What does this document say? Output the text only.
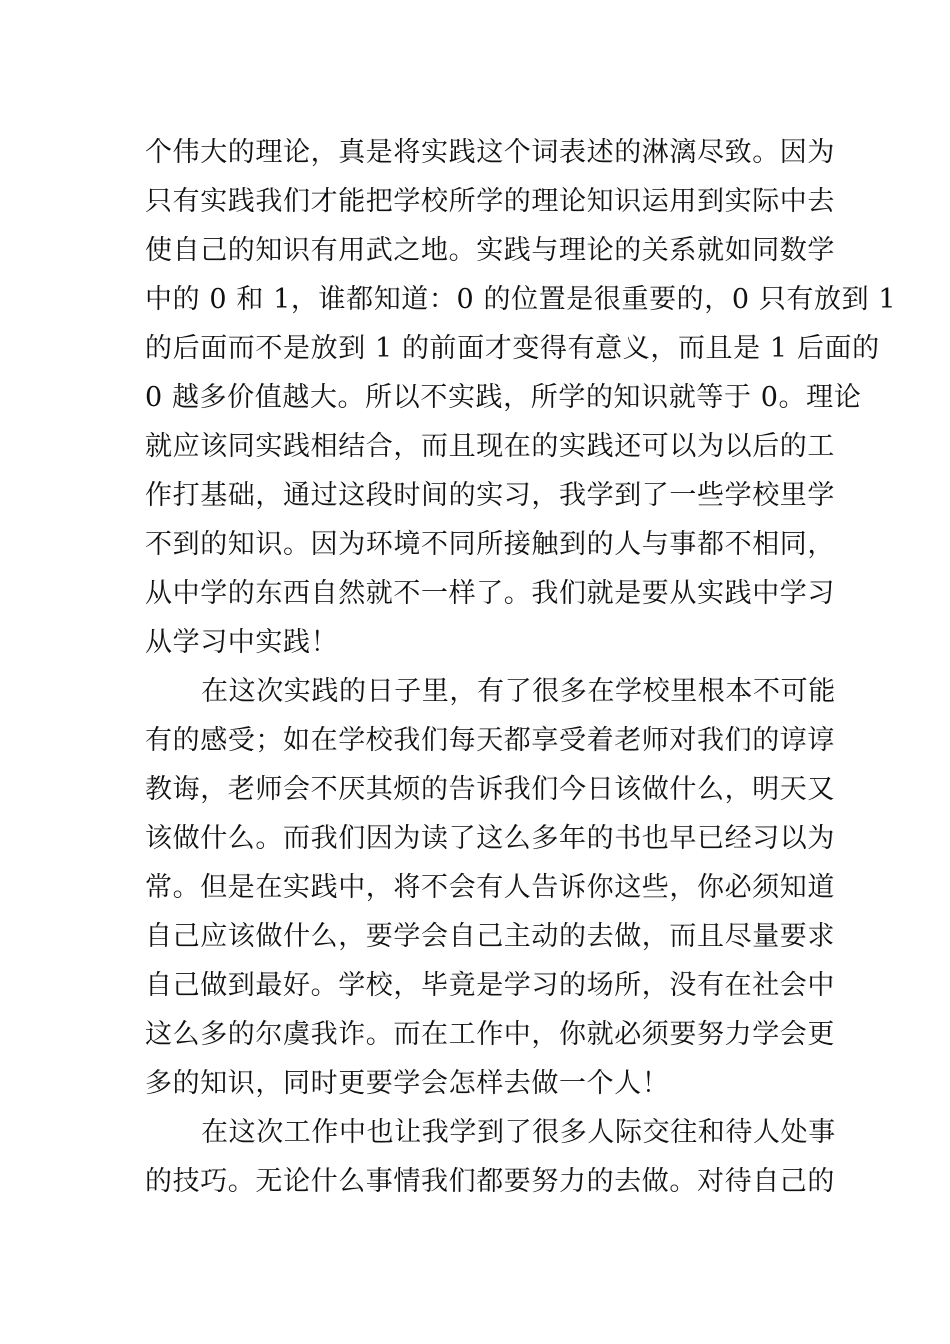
个伟大的理论，真是将实践这个词表述的淋漓尽致。因为
只有实践我们才能把学校所学的理论知识运用到实际中去
使自己的知识有用武之地。实践与理论的关系就如同数学
中的 0 和 1，谁都知道：0 的位置是很重要的，0 只有放到 1
的后面而不是放到 1 的前面才变得有意义，而且是 1 后面的
0 越多价值越大。所以不实践，所学的知识就等于 0。理论
就应该同实践相结合，而且现在的实践还可以为以后的工
作打基础，通过这段时间的实习，我学到了一些学校里学
不到的知识。因为环境不同所接触到的人与事都不相同，
从中学的东西自然就不一样了。我们就是要从实践中学习
从学习中实践！
在这次实践的日子里，有了很多在学校里根本不可能
有的感受；如在学校我们每天都享受着老师对我们的谆谆
教诲，老师会不厌其烦的告诉我们今日该做什么，明天又
该做什么。而我们因为读了这么多年的书也早已经习以为
常。但是在实践中，将不会有人告诉你这些，你必须知道
自己应该做什么，要学会自己主动的去做，而且尽量要求
自己做到最好。学校，毕竟是学习的场所，没有在社会中
这么多的尔虞我诈。而在工作中，你就必须要努力学会更
多的知识，同时更要学会怎样去做一个人！
在这次工作中也让我学到了很多人际交往和待人处事
的技巧。无论什么事情我们都要努力的去做。对待自己的
